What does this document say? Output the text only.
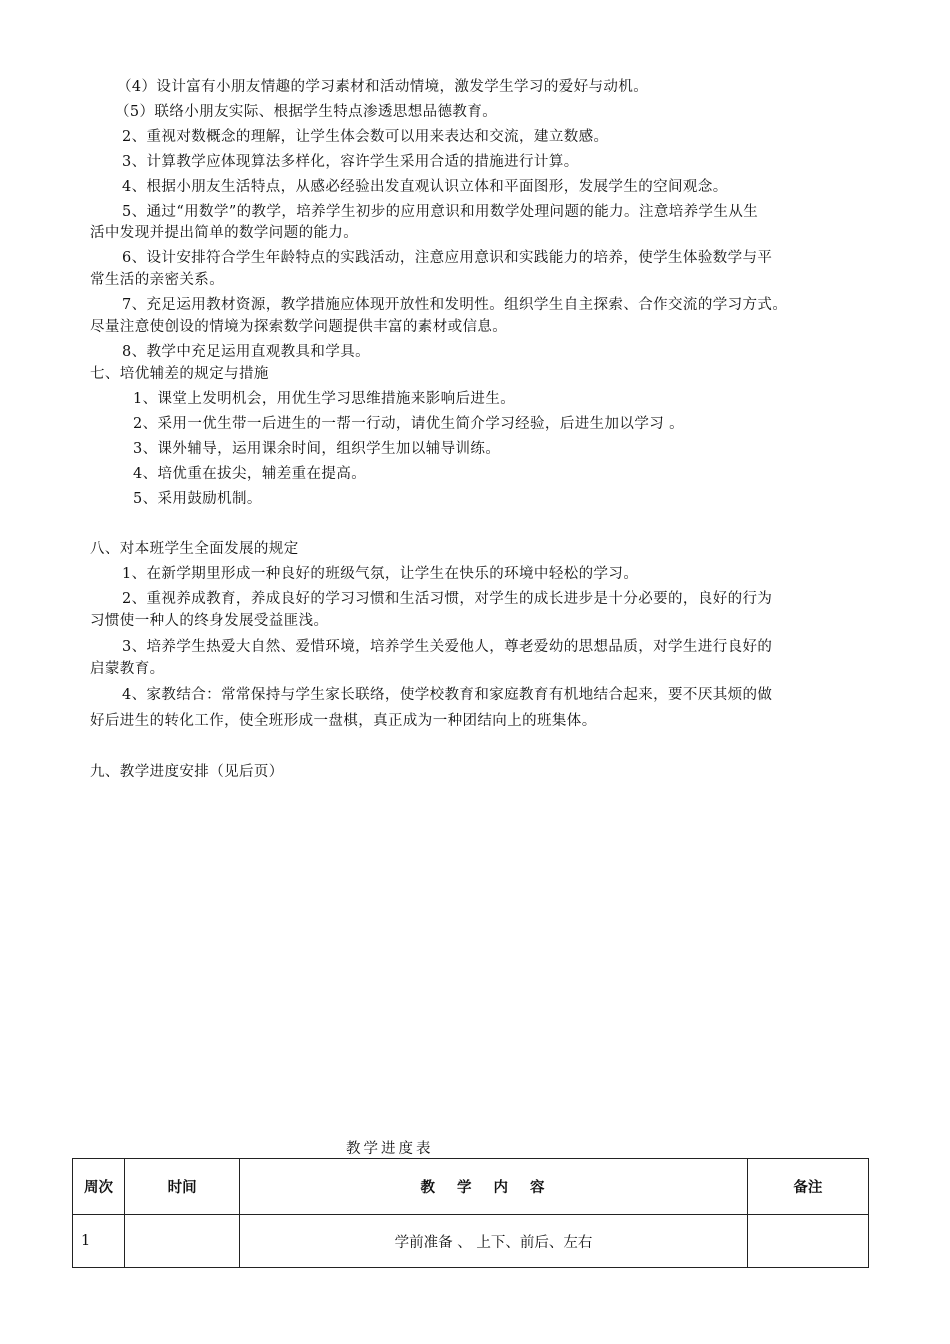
（4）设计富有小朋友情趣的学习素材和活动情境，激发学生学习的爱好与动机。
（5）联络小朋友实际、根据学生特点渗透思想品德教育。
2、重视对数概念的理解，让学生体会数可以用来表达和交流，建立数感。
3、计算教学应体现算法多样化，容许学生采用合适的措施进行计算。
4、根据小朋友生活特点，从感必经验出发直观认识立体和平面图形，发展学生的空间观念。
5、通过“用数学”的教学，培养学生初步的应用意识和用数学处理问题的能力。注意培养学生从生
活中发现并提出简单的数学问题的能力。
6、设计安排符合学生年龄特点的实践活动，注意应用意识和实践能力的培养，使学生体验数学与平
常生活的亲密关系。
7、充足运用教材资源，教学措施应体现开放性和发明性。组织学生自主探索、合作交流的学习方式。
尽量注意使创设的情境为探索数学问题提供丰富的素材或信息。
8、教学中充足运用直观教具和学具。
七、培优辅差的规定与措施
1、课堂上发明机会，用优生学习思维措施来影响后进生。
2、采用一优生带一后进生的一帮一行动，请优生简介学习经验，后进生加以学习 。
3、课外辅导，运用课余时间，组织学生加以辅导训练。
4、培优重在拔尖，辅差重在提高。
5、采用鼓励机制。
八、对本班学生全面发展的规定
1、在新学期里形成一种良好的班级气氛，让学生在快乐的环境中轻松的学习。
2、重视养成教育，养成良好的学习习惯和生活习惯，对学生的成长进步是十分必要的，良好的行为
习惯使一种人的终身发展受益匪浅。
3、培养学生热爱大自然、爱惜环境，培养学生关爱他人，尊老爱幼的思想品质，对学生进行良好的
启蒙教育。
4、家教结合：常常保持与学生家长联络，使学校教育和家庭教育有机地结合起来，要不厌其烦的做
好后进生的转化工作，使全班形成一盘棋，真正成为一种团结向上的班集体。
九、教学进度安排（见后页）
教学进度表
周次	时间	教学内容	备注
1		学前准备 、 上下、前后、左右	
